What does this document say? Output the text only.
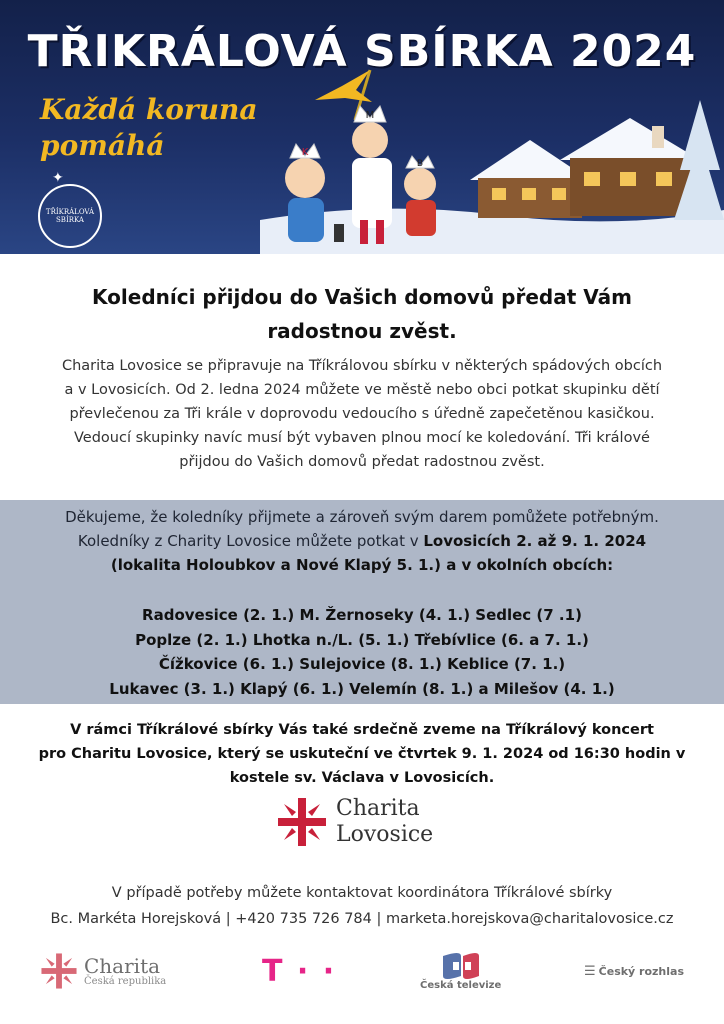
K
M
B
TŘIKRÁLOVÁ SBÍRKA 2024
Každá koruna
pomáhá
✦
TŘÍKRÁLOVÁ
SBÍRKA
Koledníci přijdou do Vašich domovů předat Vám
radostnou zvěst.
Charita Lovosice se připravuje na Tříkrálovou sbírku v některých spádových obcích
a v Lovosicích. Od 2. ledna 2024 můžete ve městě nebo obci potkat skupinku dětí
převlečenou za Tři krále v doprovodu vedoucího s úředně zapečetěnou kasičkou.
Vedoucí skupinky navíc musí být vybaven plnou mocí ke koledování. Tři králové
přijdou do Vašich domovů předat radostnou zvěst.
Děkujeme, že koledníky přijmete a zároveň svým darem pomůžete potřebným.
Koledníky z Charity Lovosice můžete potkat v Lovosicích 2. až 9. 1. 2024
(lokalita Holoubkov a Nové Klapý 5. 1.) a v okolních obcích:
Radovesice (2. 1.) M. Žernoseky (4. 1.) Sedlec (7 .1)
Poplze (2. 1.) Lhotka n./L. (5. 1.) Třebívlice (6. a 7. 1.)
Čížkovice (6. 1.) Sulejovice (8. 1.) Keblice (7. 1.)
Lukavec (3. 1.) Klapý (6. 1.) Velemín (8. 1.) a Milešov (4. 1.)
V rámci Tříkrálové sbírky Vás také srdečně zveme na Tříkrálový koncert
pro Charitu Lovosice, který se uskuteční ve čtvrtek 9. 1. 2024 od 16:30 hodin v
kostele sv. Václava v Lovosicích.
Charita
Lovosice
V případě potřeby můžete kontaktovat koordinátora Tříkrálové sbírky
Bc. Markéta Horejsková | +420 735 726 784 | marketa.horejskova@charitalovosice.cz
Charita
Česká republika	T · ·	Česká televize
☰ Český rozhlas
